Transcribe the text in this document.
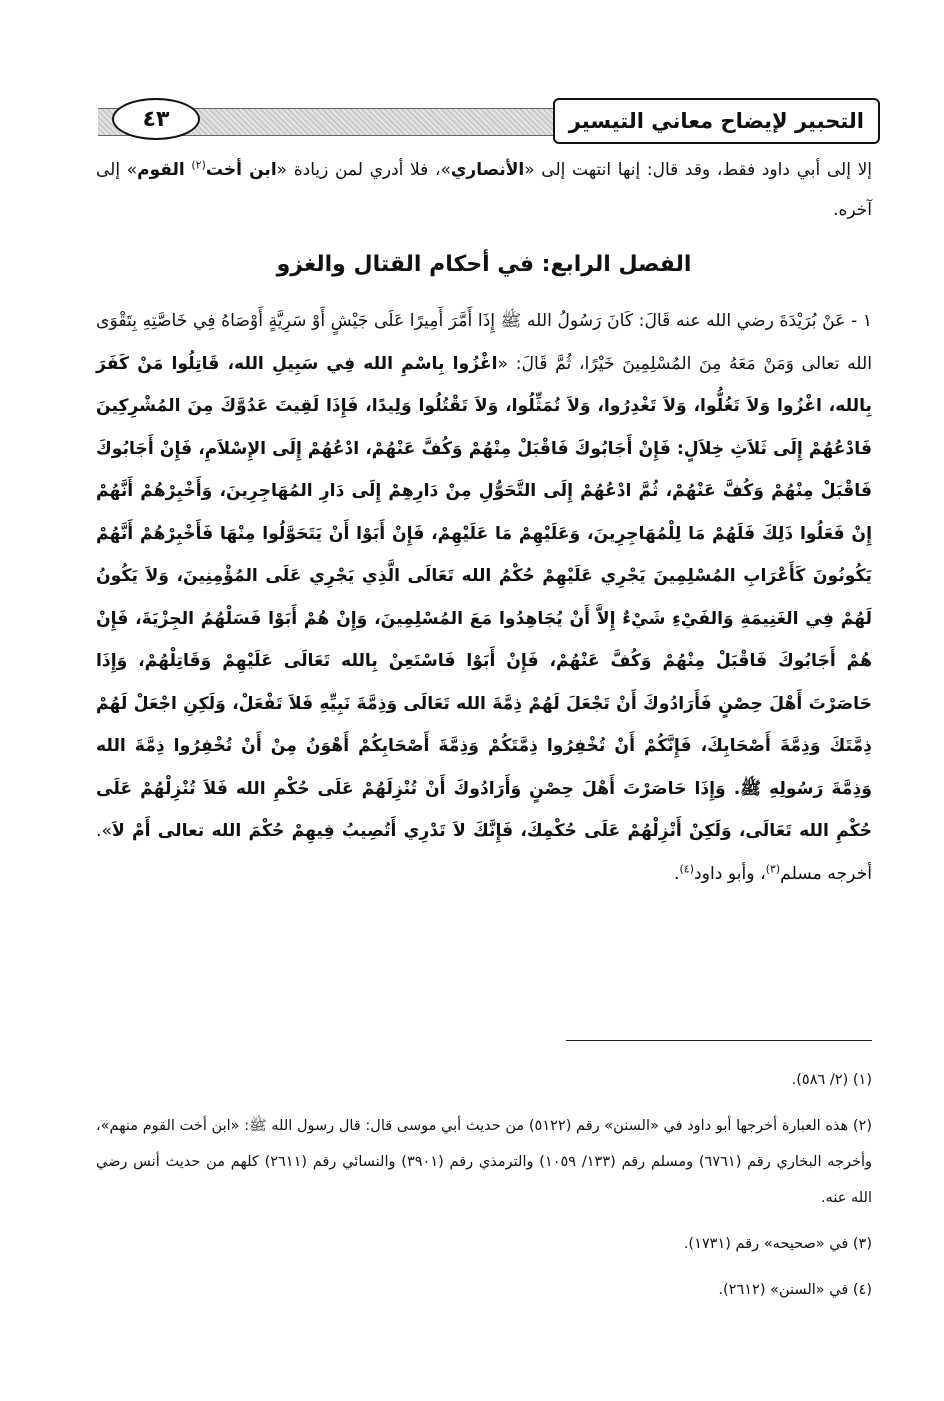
٤٣	التحبير لإيضاح معاني التيسير
إلا إلى أبي داود فقط، وقد قال: إنها انتهت إلى «الأنصاري»، فلا أدري لمن زيادة «ابن أخت$^{(٢)}$ القوم» إلى آخره.
الفصل الرابع: في أحكام القتال والغزو
١ - عَنْ بُرَيْدَةَ رضي الله عنه قَالَ: كَانَ رَسُولُ الله ﷺ إِذَا أَمَّرَ أَمِيرًا عَلَى جَيْشٍ أَوْ سَرِيَّةٍ أَوْصَاهُ فِي خَاصَّتِهِ بِتَقْوَى الله تعالى وَمَنْ مَعَهُ مِنَ المُسْلِمِينَ خَيْرًا، ثُمَّ قَالَ: «اغْزُوا بِاسْمِ الله فِي سَبِيلِ الله، قَاتِلُوا مَنْ كَفَرَ بِالله، اغْزُوا وَلاَ تَغُلُّوا، وَلاَ تَغْدِرُوا، وَلاَ تُمَثِّلُوا، وَلاَ تَقْتُلُوا وَلِيدًا، فَإِذَا لَقِيتَ عَدُوَّكَ مِنَ المُشْرِكِينَ فَادْعُهُمْ إِلَى ثَلاَثِ خِلاَلٍ: فَإِنْ أَجَابُوكَ فَاقْبَلْ مِنْهُمْ وَكُفَّ عَنْهُمْ، ادْعُهُمْ إِلَى الإِسْلاَمِ، فَإِنْ أَجَابُوكَ فَاقْبَلْ مِنْهُمْ وَكُفَّ عَنْهُمْ، ثُمَّ ادْعُهُمْ إِلَى التَّحَوُّلِ مِنْ دَارِهِمْ إِلَى دَارِ المُهَاجِرِينَ، وَأَخْبِرْهُمْ أَنَّهُمْ إِنْ فَعَلُوا ذَلِكَ فَلَهُمْ مَا لِلْمُهَاجِرِينَ، وَعَلَيْهِمْ مَا عَلَيْهِمْ، فَإِنْ أَبَوْا أَنْ يَتَحَوَّلُوا مِنْهَا فَأَخْبِرْهُمْ أَنَّهُمْ يَكُونُونَ كَأَعْرَابِ المُسْلِمِينَ يَجْرِي عَلَيْهِمْ حُكْمُ الله تَعَالَى الَّذِي يَجْرِي عَلَى المُؤْمِنِينَ، وَلاَ يَكُونُ لَهُمْ فِي الغَنِيمَةِ وَالفَيْءِ شَيْءٌ إِلاَّ أَنْ يُجَاهِدُوا مَعَ المُسْلِمِينَ، وَإِنْ هُمْ أَبَوْا فَسَلْهُمُ الجِزْيَةَ، فَإِنْ هُمْ أَجَابُوكَ فَاقْبَلْ مِنْهُمْ وَكُفَّ عَنْهُمْ، فَإِنْ أَبَوْا فَاسْتَعِنْ بِالله تَعَالَى عَلَيْهِمْ وَقَاتِلْهُمْ، وَإِذَا حَاصَرْتَ أَهْلَ حِصْنٍ فَأَرَادُوكَ أَنْ تَجْعَلَ لَهُمْ ذِمَّةَ الله تَعَالَى وَذِمَّةَ نَبِيِّهِ فَلاَ تَفْعَلْ، وَلَكِنِ اجْعَلْ لَهُمْ ذِمَّتَكَ وَذِمَّةَ أَصْحَابِكَ، فَإِنَّكُمْ أَنْ تُخْفِرُوا ذِمَّتَكُمْ وَذِمَّةَ أَصْحَابِكُمْ أَهْوَنُ مِنْ أَنْ تُخْفِرُوا ذِمَّةَ الله وَذِمَّةَ رَسُولِهِ ﷺ. وَإِذَا حَاصَرْتَ أَهْلَ حِصْنٍ وَأَرَادُوكَ أَنْ تُنْزِلَهُمْ عَلَى حُكْمِ الله فَلاَ تُنْزِلْهُمْ عَلَى حُكْمِ الله تَعَالَى، وَلَكِنْ أَنْزِلْهُمْ عَلَى حُكْمِكَ، فَإِنَّكَ لاَ تَدْرِي أَتُصِيبُ فِيهِمْ حُكْمَ الله تعالى أَمْ لاَ». أخرجه مسلم$^{(٣)}$، وأبو داود$^{(٤)}$.

(١) (٢/ ٥٨٦).

(٢) هذه العبارة أخرجها أبو داود في «السنن» رقم (٥١٢٢) من حديث أبي موسى قال: قال رسول الله ﷺ: «ابن أخت القوم منهم»، وأخرجه البخاري رقم (٦٧٦١) ومسلم رقم (١٣٣/ ١٠٥٩) والترمذي رقم (٣٩٠١) والنسائي رقم (٢٦١١) كلهم من حديث أنس رضي الله عنه.

(٣) في «صحيحه» رقم (١٧٣١).

(٤) في «السنن» (٢٦١٢).
